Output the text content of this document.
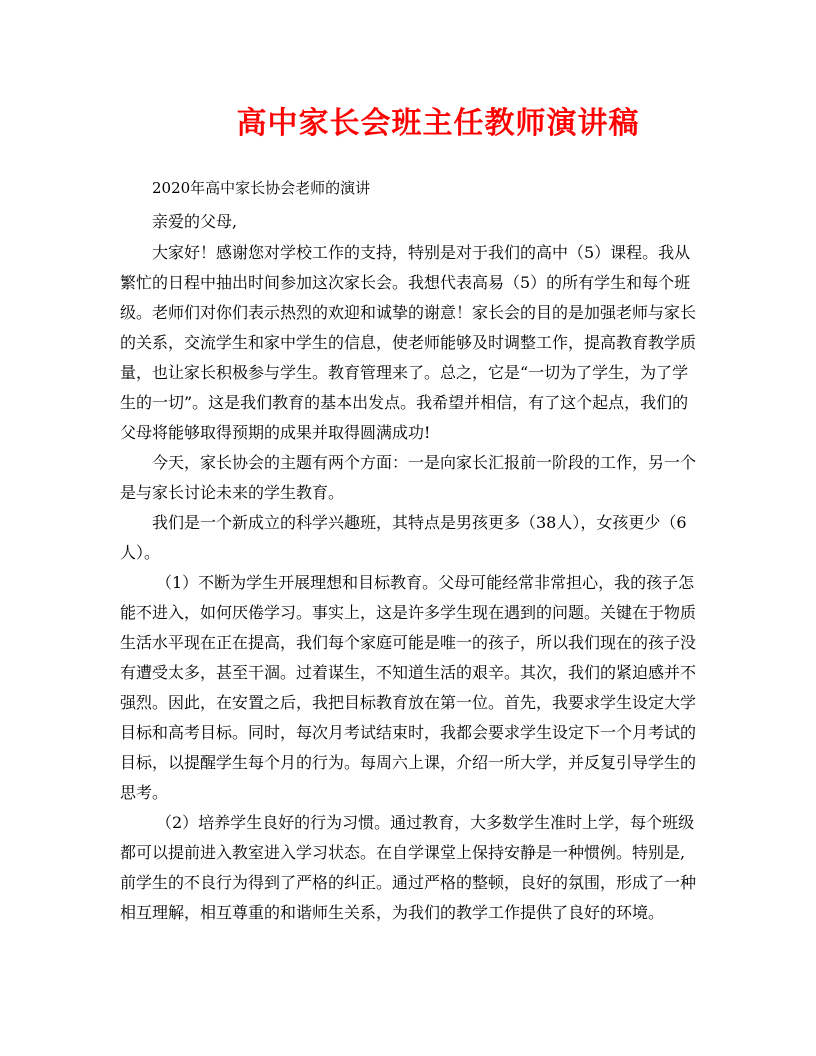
高中家长会班主任教师演讲稿
2020年高中家长协会老师的演讲
亲爱的父母,
大家好！感谢您对学校工作的支持，特别是对于我们的高中（5）课程。我从
繁忙的日程中抽出时间参加这次家长会。我想代表高易（5）的所有学生和每个班
级。老师们对你们表示热烈的欢迎和诚挚的谢意！家长会的目的是加强老师与家长
的关系，交流学生和家中学生的信息，使老师能够及时调整工作，提高教育教学质
量，也让家长积极参与学生。教育管理来了。总之，它是“一切为了学生，为了学
生的一切”。这是我们教育的基本出发点。我希望并相信，有了这个起点，我们的
父母将能够取得预期的成果并取得圆满成功!
今天，家长协会的主题有两个方面：一是向家长汇报前一阶段的工作，另一个
是与家长讨论未来的学生教育。
我们是一个新成立的科学兴趣班，其特点是男孩更多（38人），女孩更少（6
人）。
（1）不断为学生开展理想和目标教育。父母可能经常非常担心，我的孩子怎
能不进入，如何厌倦学习。事实上，这是许多学生现在遇到的问题。关键在于物质
生活水平现在正在提高，我们每个家庭可能是唯一的孩子，所以我们现在的孩子没
有遭受太多，甚至干涸。过着谋生，不知道生活的艰辛。其次，我们的紧迫感并不
强烈。因此，在安置之后，我把目标教育放在第一位。首先，我要求学生设定大学
目标和高考目标。同时，每次月考试结束时，我都会要求学生设定下一个月考试的
目标，以提醒学生每个月的行为。每周六上课，介绍一所大学，并反复引导学生的
思考。
（2）培养学生良好的行为习惯。通过教育，大多数学生准时上学，每个班级
都可以提前进入教室进入学习状态。在自学课堂上保持安静是一种惯例。特别是,
前学生的不良行为得到了严格的纠正。通过严格的整顿，良好的氛围，形成了一种
相互理解，相互尊重的和谐师生关系，为我们的教学工作提供了良好的环境。
